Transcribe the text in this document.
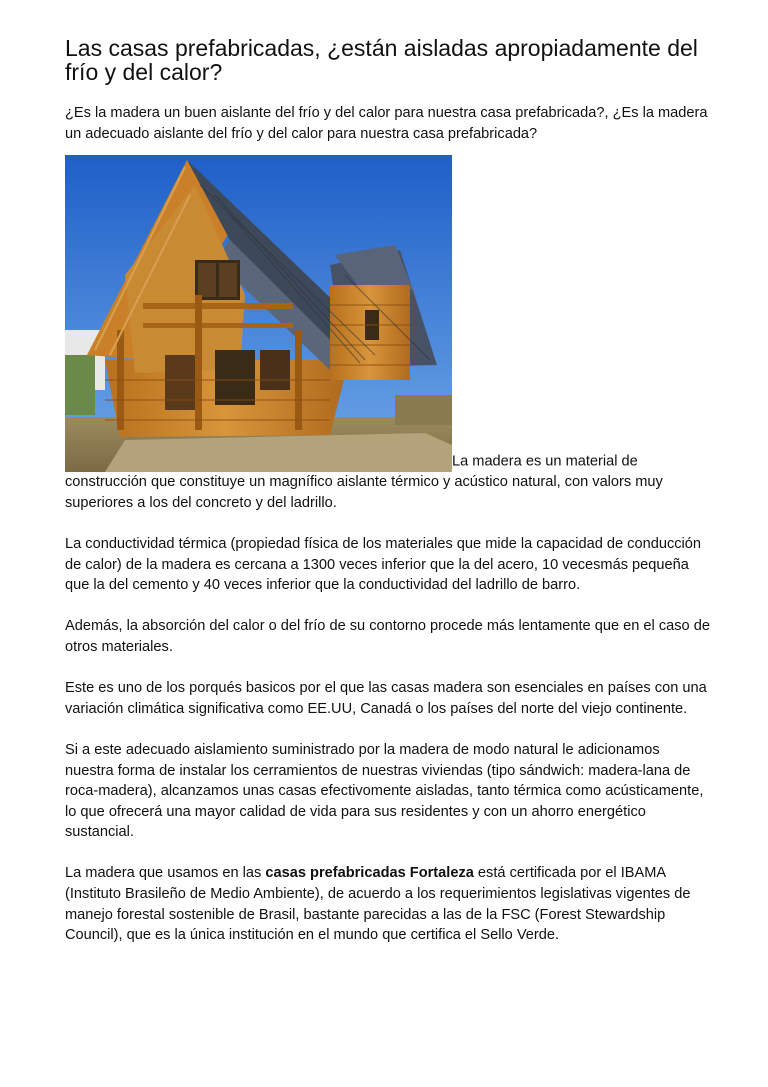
Las casas prefabricadas, ¿están aisladas apropiadamente del frío y del calor?

¿Es la madera un buen aislante del frío y del calor para nuestra casa prefabricada?, ¿Es la madera un adecuado aislante del frío y del calor para nuestra casa prefabricada?

La madera es un material de construcción que constituye un magnífico aislante térmico y acústico natural, con valors muy superiores a los del concreto y del ladrillo.

La conductividad térmica (propiedad física de los materiales que mide la capacidad de conducción de calor) de la madera es cercana a 1300 veces inferior que la del acero, 10 vecesmás pequeña que la del cemento y 40 veces inferior que la conductividad del ladrillo de barro.

Además, la absorción del calor o del frío de su contorno procede más lentamente que en el caso de otros materiales.

Este es uno de los porqués basicos por el que las casas madera son esenciales en países con una variación climática significativa como EE.UU, Canadá o los países del norte del viejo continente.

Si a este adecuado aislamiento suministrado por la madera de modo natural le adicionamos nuestra forma de instalar los cerramientos de nuestras viviendas (tipo sándwich: madera-lana de roca-madera), alcanzamos unas casas efectivomente aisladas, tanto térmica como acústicamente, lo que ofrecerá una mayor calidad de vida para sus residentes y con un ahorro energético sustancial.

La madera que usamos en las casas prefabricadas Fortaleza está certificada por el IBAMA (Instituto Brasileño de Medio Ambiente), de acuerdo a los requerimientos legislativas vigentes de manejo forestal sostenible de Brasil, bastante parecidas a las de la FSC (Forest Stewardship Council), que es la única institución en el mundo que certifica el Sello Verde.
